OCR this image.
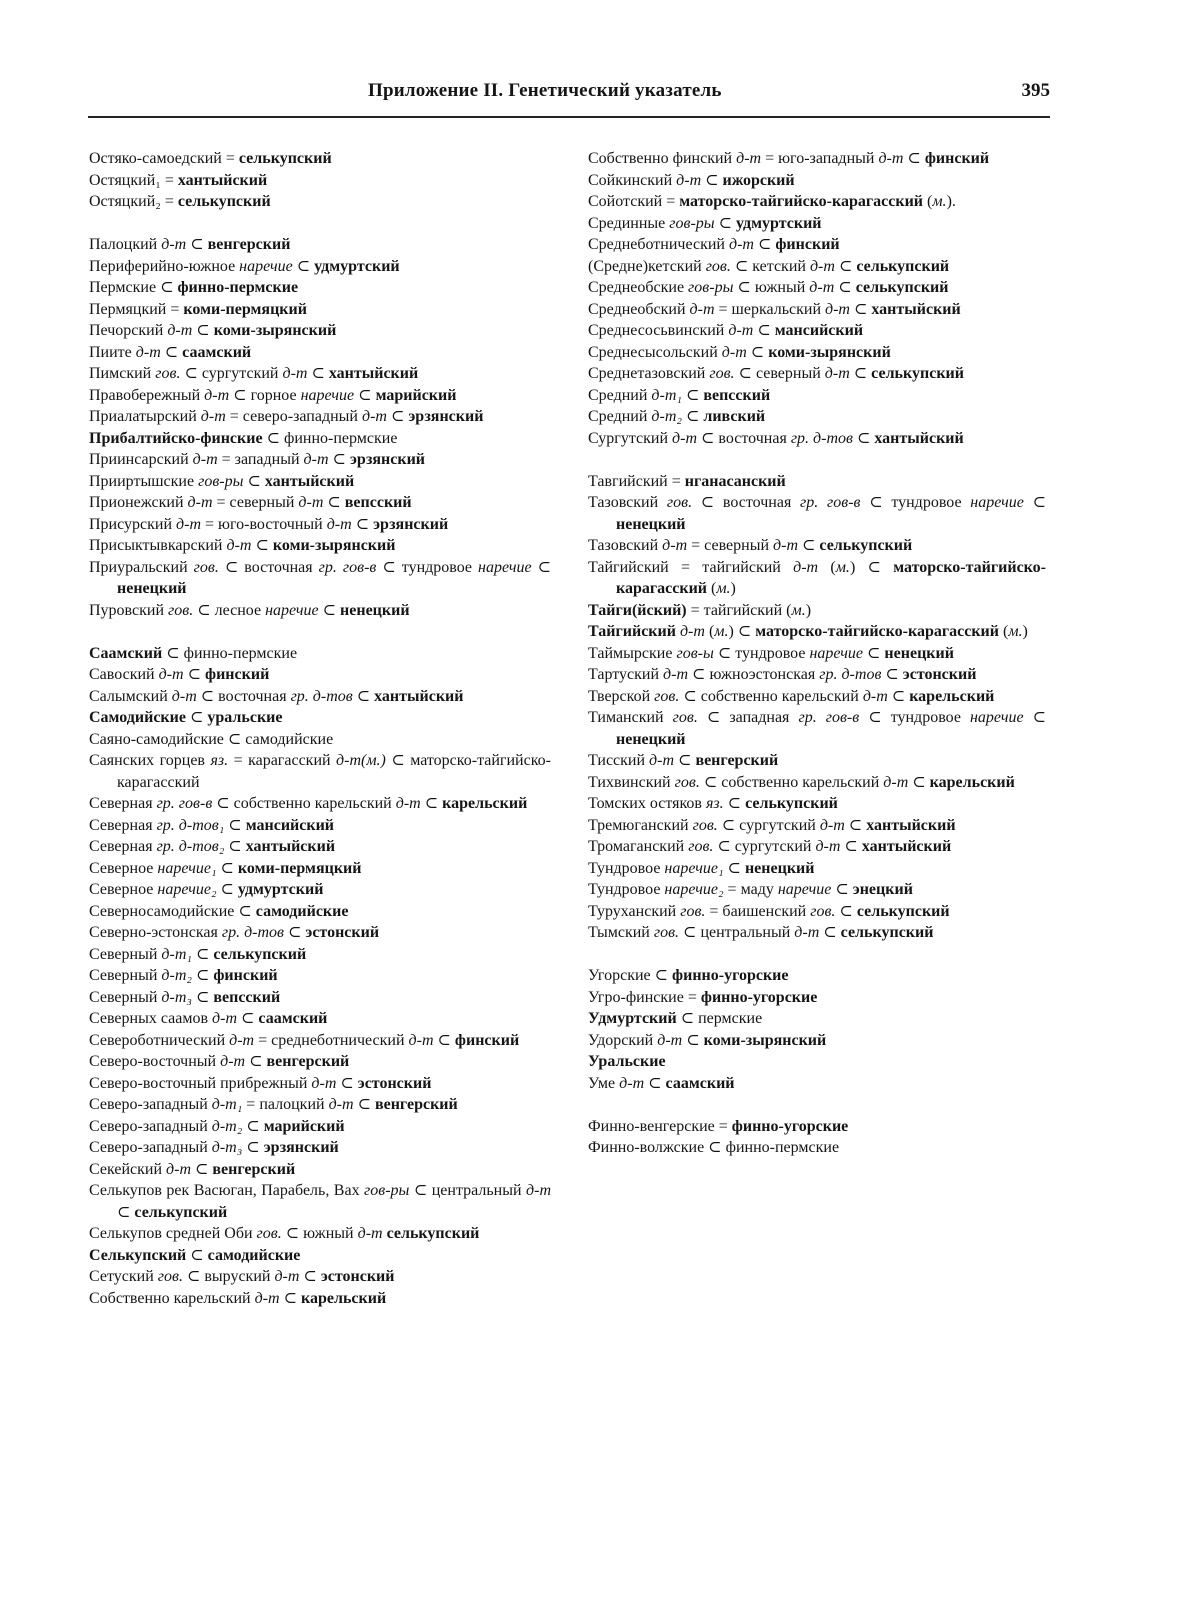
Приложение II. Генетический указатель	395
Остяко-самоедский = селькупский
Остяцкий₁ = хантыйский
Остяцкий₂ = селькупский
Палоцкий д-т ⊂ венгерский
Периферийно-южное наречие ⊂ удмуртский
Пермские ⊂ финно-пермские
Пермяцкий = коми-пермяцкий
Печорский д-т ⊂ коми-зырянский
Пиите д-т ⊂ саамский
Пимский гов. ⊂ сургутский д-т ⊂ хантыйский
Правобережный д-т ⊂ горное наречие ⊂ марийский
Приалатырский д-т = северо-западный д-т ⊂ эрзянский
Прибалтийско-финские ⊂ финно-пермские
Приинсарский д-т = западный д-т ⊂ эрзянский
Прииртышские гов-ры ⊂ хантыйский
Прионежский д-т = северный д-т ⊂ вепсский
Присурский д-т = юго-восточный д-т ⊂ эрзянский
Присыктывкарский д-т ⊂ коми-зырянский
Приуральский гов. ⊂ восточная гр. гов-в ⊂ тундровое наречие ⊂ ненецкий
Пуровский гов. ⊂ лесное наречие ⊂ ненецкий
Саамский ⊂ финно-пермские
Савоский д-т ⊂ финский
Салымский д-т ⊂ восточная гр. д-тов ⊂ хантыйский
Самодийские ⊂ уральские
Саяно-самодийские ⊂ самодийские
Саянских горцев яз. = карагасский д-т(м.) ⊂ маторско-тайгийско-карагасский
Северная гр. гов-в ⊂ собственно карельский д-т ⊂ карельский
Северная гр. д-тов₁ ⊂ мансийский
Северная гр. д-тов₂ ⊂ хантыйский
Северное наречие₁ ⊂ коми-пермяцкий
Северное наречие₂ ⊂ удмуртский
Северносамодийские ⊂ самодийские
Северно-эстонская гр. д-тов ⊂ эстонский
Северный д-т₁ ⊂ селькупский
Северный д-т₂ ⊂ финский
Северный д-т₃ ⊂ вепсский
Северных саамов д-т ⊂ саамский
Североботнический д-т = среднеботнический д-т ⊂ финский
Северо-восточный д-т ⊂ венгерский
Северо-восточный прибрежный д-т ⊂ эстонский
Северо-западный д-т₁ = палоцкий д-т ⊂ венгерский
Северо-западный д-т₂ ⊂ марийский
Северо-западный д-т₃ ⊂ эрзянский
Секейский д-т ⊂ венгерский
Селькупов рек Васюган, Парабель, Вах гов-ры ⊂ центральный д-т ⊂ селькупский
Селькупов средней Оби гов. ⊂ южный д-т селькупский
Селькупский ⊂ самодийские
Сетуский гов. ⊂ выруский д-т ⊂ эстонский
Собственно карельский д-т ⊂ карельский
Собственно финский д-т = юго-западный д-т ⊂ финский
Сойкинский д-т ⊂ ижорский
Сойотский = маторско-тайгийско-карагасский (м.).
Срединные гов-ры ⊂ удмуртский
Среднеботнический д-т ⊂ финский
(Средне)кетский гов. ⊂ кетский д-т ⊂ селькупский
Среднеобские гов-ры ⊂ южный д-т ⊂ селькупский
Среднеобский д-т = шеркальский д-т ⊂ хантыйский
Среднесосьвинский д-т ⊂ мансийский
Среднесысольский д-т ⊂ коми-зырянский
Среднетазовский гов. ⊂ северный д-т ⊂ селькупский
Средний д-т₁ ⊂ вепсский
Средний д-т₂ ⊂ ливский
Сургутский д-т ⊂ восточная гр. д-тов ⊂ хантыйский
Тавгийский = нганасанский
Тазовский гов. ⊂ восточная гр. гов-в ⊂ тундровое наречие ⊂ ненецкий
Тазовский д-т = северный д-т ⊂ селькупский
Тайгийский = тайгийский д-т (м.) ⊂ маторско-тайгийско-карагасский (м.)
Тайги(йский) = тайгийский (м.)
Тайгийский д-т (м.) ⊂ маторско-тайгийско-карагасский (м.)
Таймырские гов-ы ⊂ тундровое наречие ⊂ ненецкий
Тартуский д-т ⊂ южноэстонская гр. д-тов ⊂ эстонский
Тверской гов. ⊂ собственно карельский д-т ⊂ карельский
Тиманский гов. ⊂ западная гр. гов-в ⊂ тундровое наречие ⊂ ненецкий
Тисский д-т ⊂ венгерский
Тихвинский гов. ⊂ собственно карельский д-т ⊂ карельский
Томских остяков яз. ⊂ селькупский
Тремюганский гов. ⊂ сургутский д-т ⊂ хантыйский
Тромаганский гов. ⊂ сургутский д-т ⊂ хантыйский
Тундровое наречие₁ ⊂ ненецкий
Тундровое наречие₂ = маду наречие ⊂ энецкий
Туруханский гов. = баишенский гов. ⊂ селькупский
Тымский гов. ⊂ центральный д-т ⊂ селькупский
Угорские ⊂ финно-угорские
Угро-финские = финно-угорские
Удмуртский ⊂ пермские
Удорский д-т ⊂ коми-зырянский
Уральские
Уме д-т ⊂ саамский
Финно-венгерские = финно-угорские
Финно-волжские ⊂ финно-пермские
